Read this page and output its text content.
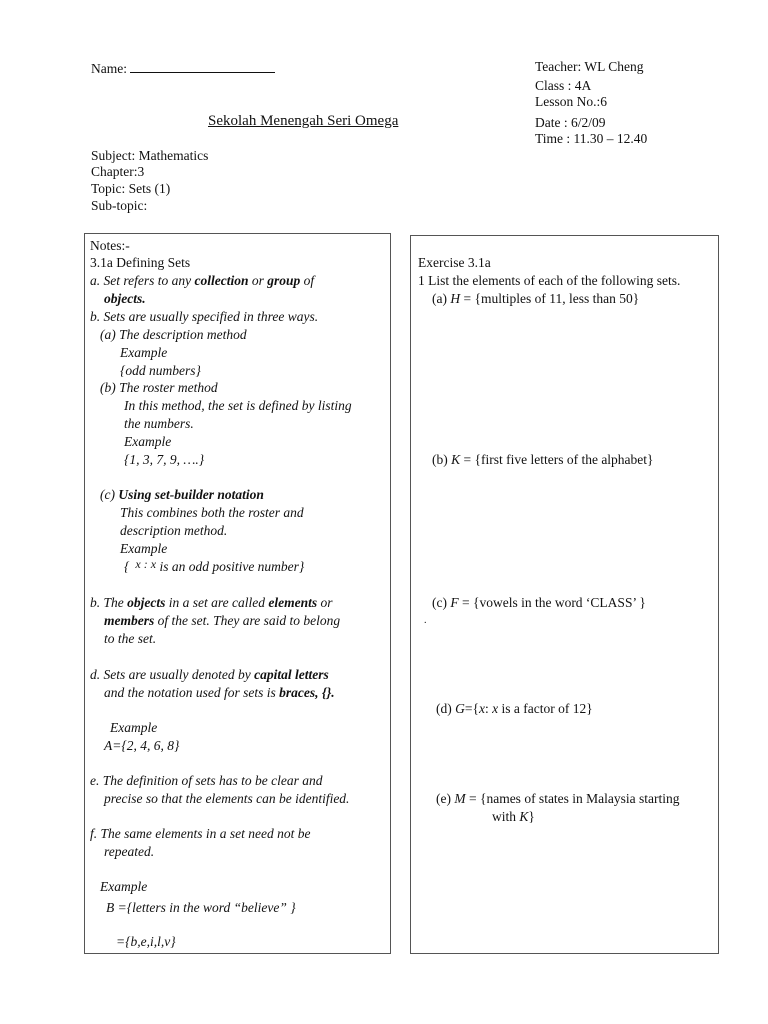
Name:	Teacher: WL Cheng
Class : 4A
Lesson No.:6
Sekolah Menengah Seri Omega	Date : 6/2/09
Time : 11.30 – 12.40
Subject: Mathematics
Chapter:3
Topic: Sets (1)
Sub-topic:
Notes:-
3.1a Defining Sets
a. Set refers to any collection or group of
objects.
b. Sets are usually specified in three ways.
(a) The description method
Example
{odd numbers}
(b) The roster method
In this method, the set is defined by listing
the numbers.
Example
{1, 3, 7, 9, ….}
(c) Using set-builder notation
This combines both the roster and
description method.
Example
{ x : x is an odd positive number}
b. The objects in a set are called elements or
members of the set. They are said to belong
to the set.
d. Sets are usually denoted by capital letters
and the notation used for sets is braces, {}.
Example
A={2, 4, 6, 8}
e. The definition of sets has to be clear and
precise so that the elements can be identified.
f. The same elements in a set need not be
repeated.
Example
B ={letters in the word “believe” }
={b,e,i,l,v}
Exercise 3.1a
1 List the elements of each of the following sets.
(a) H = {multiples of 11, less than 50}
(b) K = {first five letters of the alphabet}
(c) F = {vowels in the word ‘CLASS’ }
.
(d) G={x: x is a factor of 12}
(e) M = {names of states in Malaysia starting
with K}
